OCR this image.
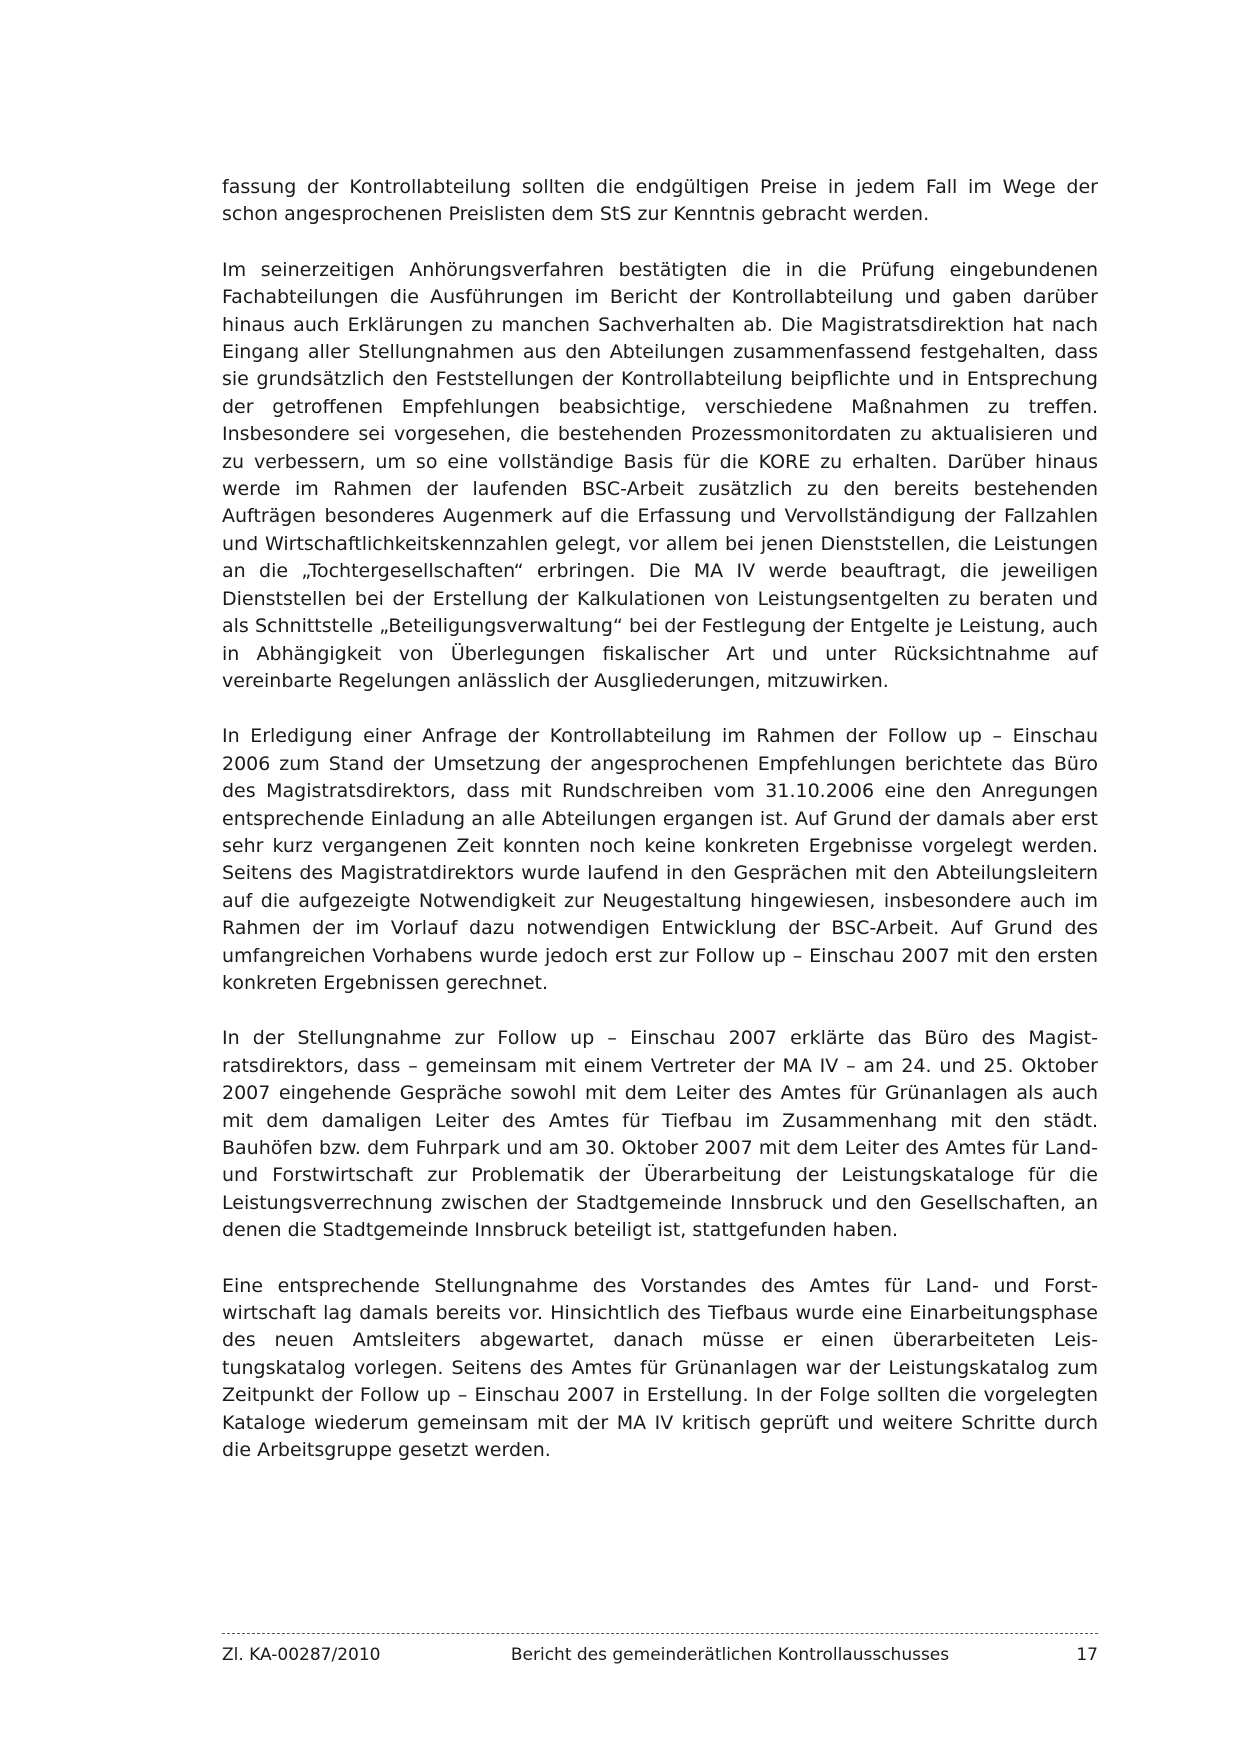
fassung der Kontrollabteilung sollten die endgültigen Preise in jedem Fall im Wege der schon angesprochenen Preislisten dem StS zur Kenntnis gebracht werden.

Im seinerzeitigen Anhörungsverfahren bestätigten die in die Prüfung eingebundenen Fachabteilungen die Ausführungen im Bericht der Kontrollabteilung und gaben darüber hinaus auch Erklärungen zu manchen Sachverhalten ab. Die Magistratsdirektion hat nach Eingang aller Stellungnahmen aus den Abteilungen zusammenfassend festgehalten, dass sie grundsätzlich den Feststellungen der Kontrollabteilung beipflichte und in Entsprechung der getroffenen Empfehlungen beabsichtige, verschiedene Maßnahmen zu treffen. Insbesondere sei vorgesehen, die bestehenden Prozessmonitordaten zu aktualisieren und zu verbessern, um so eine vollständige Basis für die KORE zu erhalten. Darüber hinaus werde im Rahmen der laufenden BSC-Arbeit zusätzlich zu den bereits bestehenden Aufträgen besonderes Augenmerk auf die Erfassung und Vervollständigung der Fallzahlen und Wirtschaftlichkeitskennzahlen gelegt, vor allem bei jenen Dienststellen, die Leistungen an die „Tochtergesellschaften“ erbringen. Die MA IV werde beauftragt, die jeweiligen Dienststellen bei der Erstellung der Kalkulationen von Leistungsentgelten zu beraten und als Schnittstelle „Beteiligungsverwaltung“ bei der Festlegung der Entgelte je Leistung, auch in Abhängigkeit von Überlegungen fiskalischer Art und unter Rücksichtnahme auf vereinbarte Regelungen anlässlich der Ausgliederungen, mitzuwirken.

In Erledigung einer Anfrage der Kontrollabteilung im Rahmen der Follow up – Einschau 2006 zum Stand der Umsetzung der angesprochenen Empfehlungen berichtete das Büro des Magistratsdirektors, dass mit Rundschreiben vom 31.10.2006 eine den Anregungen entsprechende Einladung an alle Abteilungen ergangen ist. Auf Grund der damals aber erst sehr kurz vergangenen Zeit konnten noch keine konkreten Ergebnisse vorgelegt werden. Seitens des Magistratdirektors wurde laufend in den Gesprächen mit den Abteilungsleitern auf die aufgezeigte Notwendigkeit zur Neugestaltung hingewiesen, insbesondere auch im Rahmen der im Vorlauf dazu notwendigen Entwicklung der BSC-Arbeit. Auf Grund des umfangreichen Vorhabens wurde jedoch erst zur Follow up – Einschau 2007 mit den ersten konkreten Ergebnissen gerechnet.

In der Stellungnahme zur Follow up – Einschau 2007 erklärte das Büro des Magistratsdirektors, dass – gemeinsam mit einem Vertreter der MA IV – am 24. und 25. Oktober 2007 eingehende Gespräche sowohl mit dem Leiter des Amtes für Grünanlagen als auch mit dem damaligen Leiter des Amtes für Tiefbau im Zusammenhang mit den städt. Bauhöfen bzw. dem Fuhrpark und am 30. Oktober 2007 mit dem Leiter des Amtes für Land- und Forstwirtschaft zur Problematik der Überarbeitung der Leistungskataloge für die Leistungsverrechnung zwischen der Stadtgemeinde Innsbruck und den Gesellschaften, an denen die Stadtgemeinde Innsbruck beteiligt ist, stattgefunden haben.

Eine entsprechende Stellungnahme des Vorstandes des Amtes für Land- und Forstwirtschaft lag damals bereits vor. Hinsichtlich des Tiefbaus wurde eine Einarbeitungsphase des neuen Amtsleiters abgewartet, danach müsse er einen überarbeiteten Leistungskatalog vorlegen. Seitens des Amtes für Grünanlagen war der Leistungskatalog zum Zeitpunkt der Follow up – Einschau 2007 in Erstellung. In der Folge sollten die vorgelegten Kataloge wiederum gemeinsam mit der MA IV kritisch geprüft und weitere Schritte durch die Arbeitsgruppe gesetzt werden.

Zl. KA-00287/2010	Bericht des gemeinderätlichen Kontrollausschusses	17
